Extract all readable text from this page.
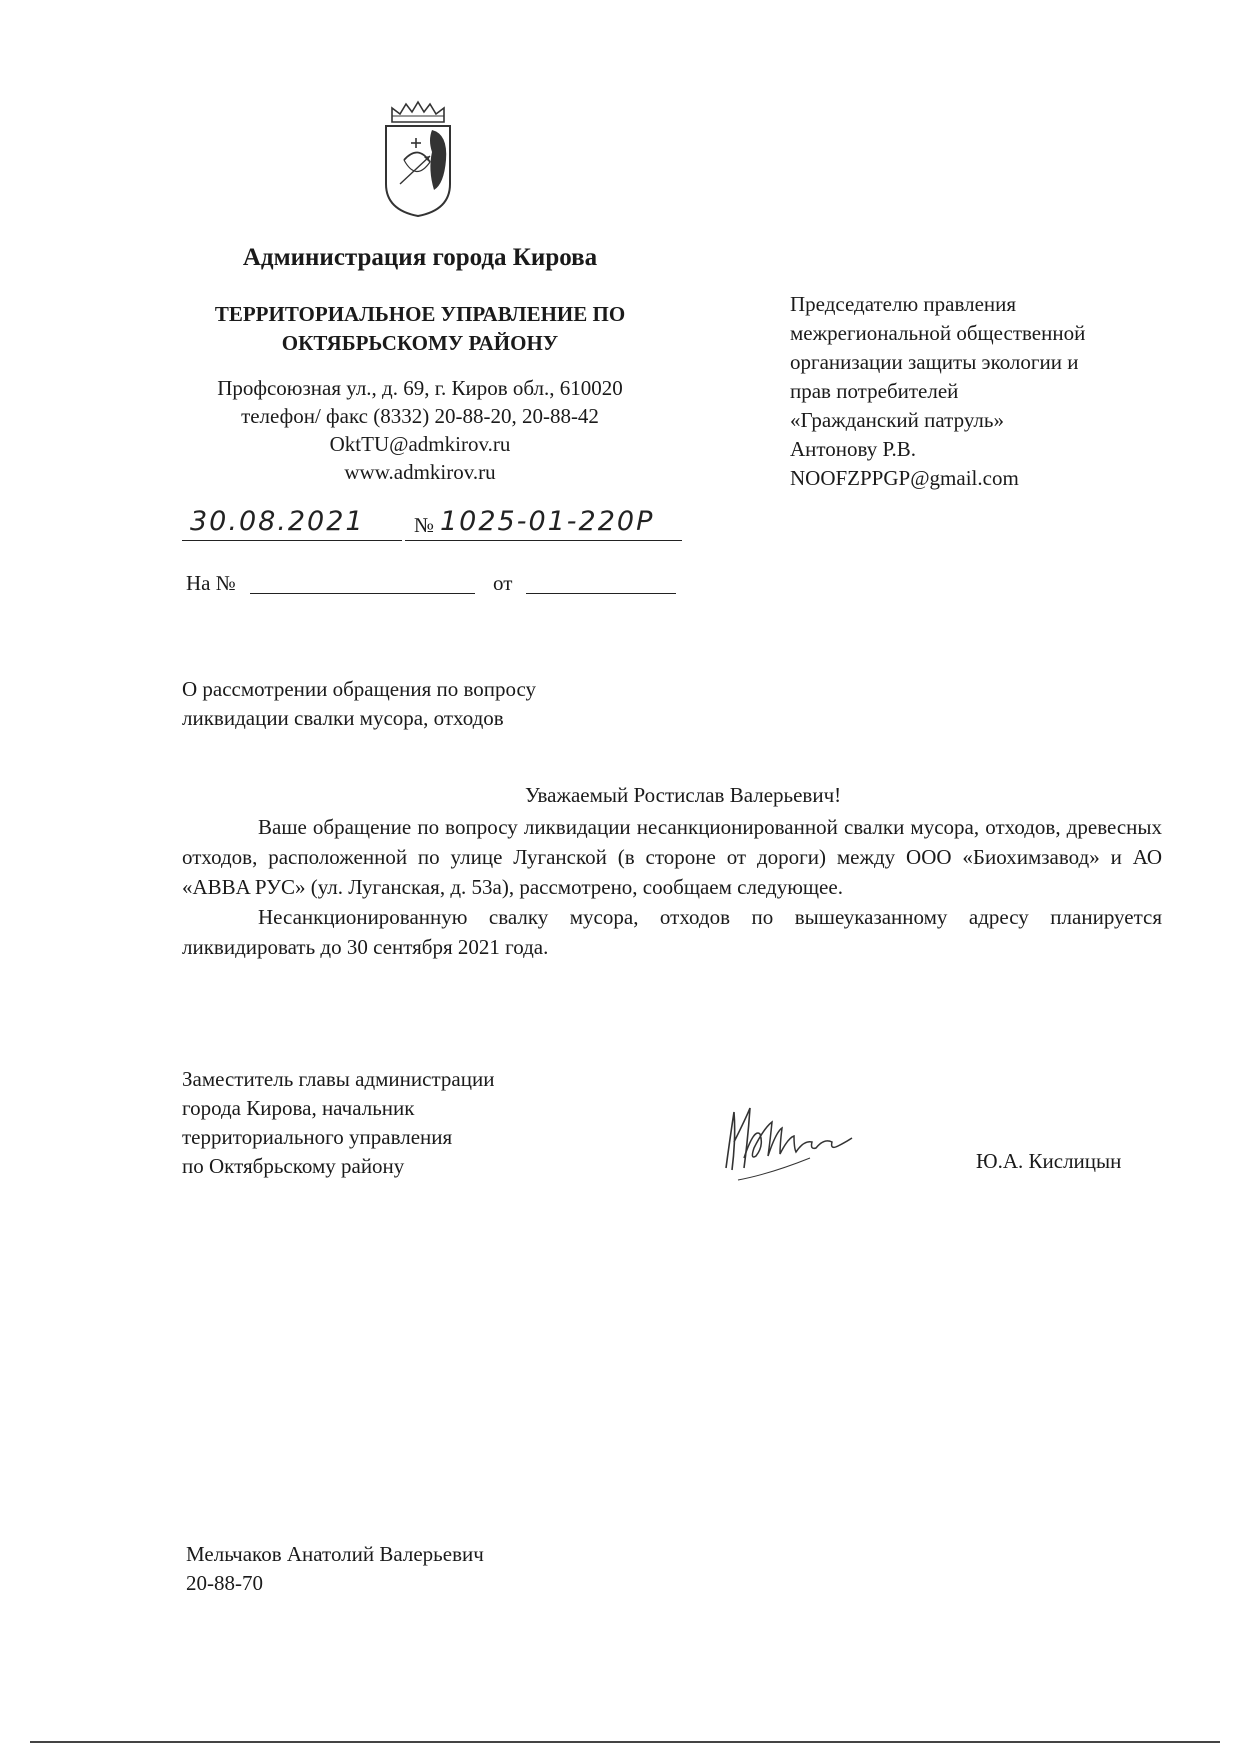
Администрация города Кирова
ТЕРРИТОРИАЛЬНОЕ УПРАВЛЕНИЕ ПО
ОКТЯБРЬСКОМУ РАЙОНУ
Профсоюзная ул., д. 69, г. Киров обл., 610020
телефон/ факс (8332) 20-88-20, 20-88-42
OktTU@admkirov.ru
www.admkirov.ru
Председателю правления
межрегиональной общественной
организации защиты экологии и
прав потребителей
«Гражданский патруль»
Антонову Р.В.
NOOFZPPGP@gmail.com
30.08.2021 № 1025-01-220Р
На №	от
О рассмотрении обращения по вопросу
ликвидации свалки мусора, отходов
Уважаемый Ростислав Валерьевич!

Ваше обращение по вопросу ликвидации несанкционированной свалки мусора, отходов, древесных отходов, расположенной по улице Луганской (в стороне от дороги) между ООО «Биохимзавод» и АО «ABBA РУС» (ул. Луганская, д. 53а), рассмотрено, сообщаем следующее.

Несанкционированную свалку мусора, отходов по вышеуказанному адресу планируется ликвидировать до 30 сентября 2021 года.

Заместитель главы администрации
города Кирова, начальник
территориального управления
по Октябрьскому району	Ю.А. Кислицын
Мельчаков Анатолий Валерьевич
20-88-70
